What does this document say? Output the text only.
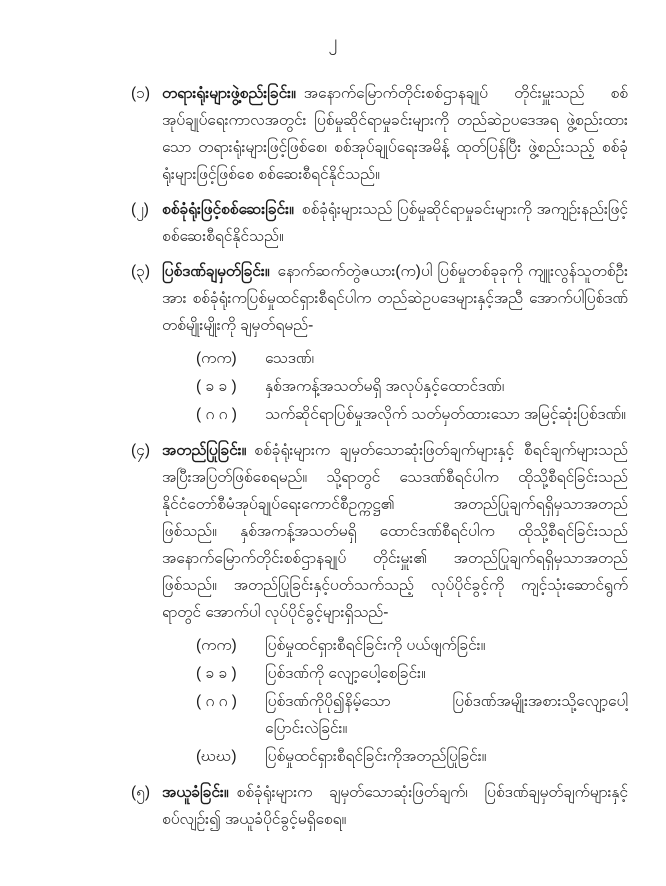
၂
(၁) တရားရုံးများဖွဲ့စည်းခြင်း။ အနောက်မြောက်တိုင်းစစ်ဌာနချုပ် တိုင်းမှူးသည် စစ်အုပ်ချုပ်ရေးကာလအတွင်း ပြစ်မှုဆိုင်ရာမှုခင်းများကို တည်ဆဲဥပဒေအရ ဖွဲ့စည်းထားသော တရားရုံးများဖြင့်ဖြစ်စေ၊ စစ်အုပ်ချုပ်ရေးအမိန့် ထုတ်ပြန်ပြီး ဖွဲ့စည်းသည့် စစ်ခုံ ရုံးများဖြင့်ဖြစ်စေ စစ်ဆေးစီရင်နိုင်သည်။

(၂) စစ်ခုံရုံးဖြင့်စစ်ဆေးခြင်း။ စစ်ခုံရုံးများသည် ပြစ်မှုဆိုင်ရာမှုခင်းများကို အကျဉ်းနည်းဖြင့် စစ်ဆေးစီရင်နိုင်သည်။

(၃) ပြစ်ဒဏ်ချမှတ်ခြင်း။ နောက်ဆက်တွဲဇယား(က)ပါ ပြစ်မှုတစ်ခုခုကို ကျူးလွန်သူတစ်ဦးအား စစ်ခုံရုံးကပြစ်မှုထင်ရှားစီရင်ပါက တည်ဆဲဥပဒေများနှင့်အညီ အောက်ပါပြစ်ဒဏ်တစ်မျိုးမျိုးကို ချမှတ်ရမည်-

(ကက)	သေဒဏ်၊

( ခ ခ )	နှစ်အကန့်အသတ်မရှိ အလုပ်နှင့်ထောင်ဒဏ်၊

( ဂ ဂ )	သက်ဆိုင်ရာပြစ်မှုအလိုက် သတ်မှတ်ထားသော အမြင့်ဆုံးပြစ်ဒဏ်။

(၄) အတည်ပြုခြင်း။ စစ်ခုံရုံးများက ချမှတ်သောဆုံးဖြတ်ချက်များနှင့် စီရင်ချက်များသည် အပြီးအပြတ်ဖြစ်စေရမည်။ သို့ရာတွင် သေဒဏ်စီရင်ပါက ထိုသို့စီရင်ခြင်းသည် နိုင်ငံတော်စီမံအုပ်ချုပ်ရေးကောင်စီဥက္ကဋ္ဌ၏ အတည်ပြုချက်ရရှိမှသာအတည်ဖြစ်သည်။ နှစ်အကန့်အသတ်မရှိ ထောင်ဒဏ်စီရင်ပါက ထိုသို့စီရင်ခြင်းသည် အနောက်မြောက်တိုင်းစစ်ဌာနချုပ် တိုင်းမှူး၏ အတည်ပြုချက်ရရှိမှသာအတည်ဖြစ်သည်။ အတည်ပြုခြင်းနှင့်ပတ်သက်သည့် လုပ်ပိုင်ခွင့်ကို ကျင့်သုံးဆောင်ရွက်ရာတွင် အောက်ပါ လုပ်ပိုင်ခွင့်များရှိသည်-

(ကက)	ပြစ်မှုထင်ရှားစီရင်ခြင်းကို ပယ်ဖျက်ခြင်း။

( ခ ခ )	ပြစ်ဒဏ်ကို လျော့ပေါ့စေခြင်း။

( ဂ ဂ )	ပြစ်ဒဏ်ကိုပို၍နိမ့်သော ပြစ်ဒဏ်အမျိုးအစားသို့လျော့ပေါ့ ပြောင်းလဲခြင်း။

(ဃဃ)	ပြစ်မှုထင်ရှားစီရင်ခြင်းကိုအတည်ပြုခြင်း။

(၅) အယူခံခြင်း။ စစ်ခုံရုံးများက ချမှတ်သောဆုံးဖြတ်ချက်၊ ပြစ်ဒဏ်ချမှတ်ချက်များနှင့်စပ်လျဉ်း၍ အယူခံပိုင်ခွင့်မရှိစေရ။
